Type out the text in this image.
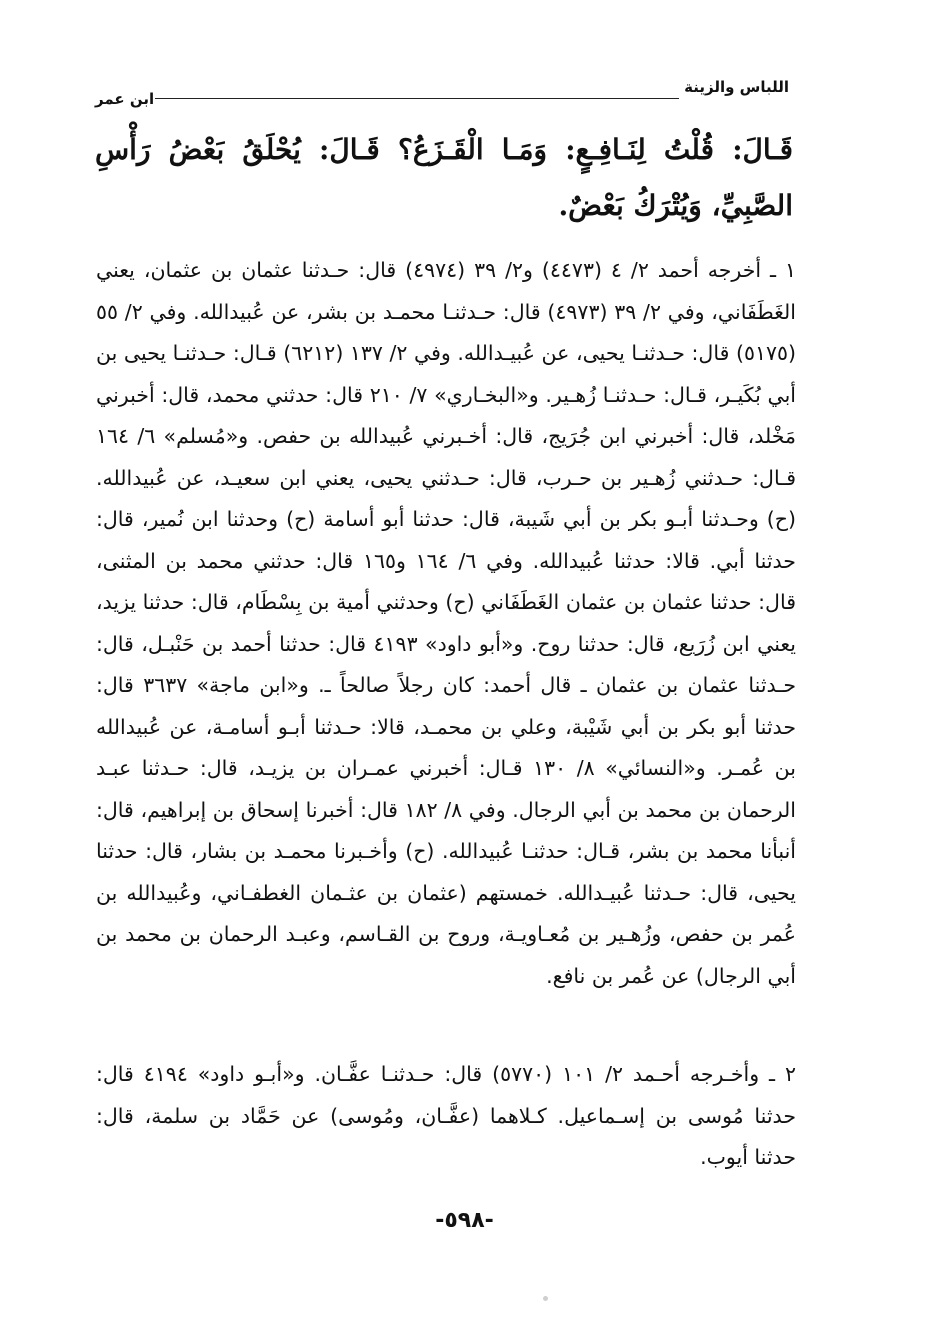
اللباس والزينة
ابن عمر

قَـالَ: قُلْتُ لِنَـافِـعٍ: وَمَـا الْقَـزَعُ؟ قَـالَ: يُحْلَقُ بَعْضُ رَأْسِ الصَّبِيِّ، وَيُتْرَكُ بَعْضٌ.

١ ـ أخرجه أحمد ٢/ ٤ (٤٤٧٣) و٢/ ٣٩ (٤٩٧٤) قال: حـدثنا عثمان بن عثمان، يعني الغَطَفَاني، وفي ٢/ ٣٩ (٤٩٧٣) قال: حـدثنـا محمـد بن بشر، عن عُبيدالله. وفي ٢/ ٥٥ (٥١٧٥) قال: حـدثنـا يحيى، عن عُبيـدالله. وفي ٢/ ١٣٧ (٦٢١٢) قـال: حـدثنـا يحيى بن أبي بُكَيـر، قـال: حـدثنـا زُهـير. و«البخـاري» ٧/ ٢١٠ قال: حدثني محمد، قال: أخبرني مَخْلد، قال: أخبرني ابن جُرَيج، قال: أخـبرني عُبيدالله بن حفص. و«مُسلم» ٦/ ١٦٤ قـال: حـدثني زُهـير بن حـرب، قال: حـدثني يحيى، يعني ابن سعيـد، عن عُبيدالله. (ح) وحـدثنا أبـو بكر بن أبي شَيبة، قال: حدثنا أبو أسامة (ح) وحدثنا ابن نُمير، قال: حدثنا أبي. قالا: حدثنا عُبيدالله. وفي ٦/ ١٦٤ و١٦٥ قال: حدثني محمد بن المثنى، قال: حدثنا عثمان بن عثمان الغَطَفَاني (ح) وحدثني أمية بن بِسْطَام، قال: حدثنا يزيد، يعني ابن زُرَيع، قال: حدثنا روح. و«أبو داود» ٤١٩٣ قال: حدثنا أحمد بن حَنْبـل، قال: حـدثنا عثمان بن عثمان ـ قال أحمد: كان رجلاً صالحاً ـ. و«ابن ماجة» ٣٦٣٧ قال: حدثنا أبو بكر بن أبي شَيْبة، وعلي بن محمـد، قالا: حـدثنا أبـو أسامـة، عن عُبيدالله بن عُمـر. و«النسائي» ٨/ ١٣٠ قـال: أخبرني عمـران بن يزيـد، قال: حـدثنا عبـد الرحمان بن محمد بن أبي الرجال. وفي ٨/ ١٨٢ قال: أخبرنا إسحاق بن إبراهيم، قال: أنبأنا محمد بن بشر، قـال: حدثنـا عُبيدالله. (ح) وأخـبرنا محمـد بن بشار، قال: حدثنا يحيى، قال: حـدثنا عُبيـدالله. خمستهم (عثمان بن عثـمان الغطفـاني، وعُبيدالله بن عُمر بن حفص، وزُهـير بن مُعـاويـة، وروح بن القـاسم، وعبـد الرحمان بن محمد بن أبي الرجال) عن عُمر بن نافع.

٢ ـ وأخـرجه أحـمد ٢/ ١٠١ (٥٧٧٠) قال: حـدثنـا عفَّـان. و«أبـو داود» ٤١٩٤ قال: حدثنا مُوسى بن إسـماعيل. كـلاهما (عفَّـان، ومُوسى) عن حَمَّاد بن سلمة، قال: حدثنا أيوب.

-٥٩٨-
